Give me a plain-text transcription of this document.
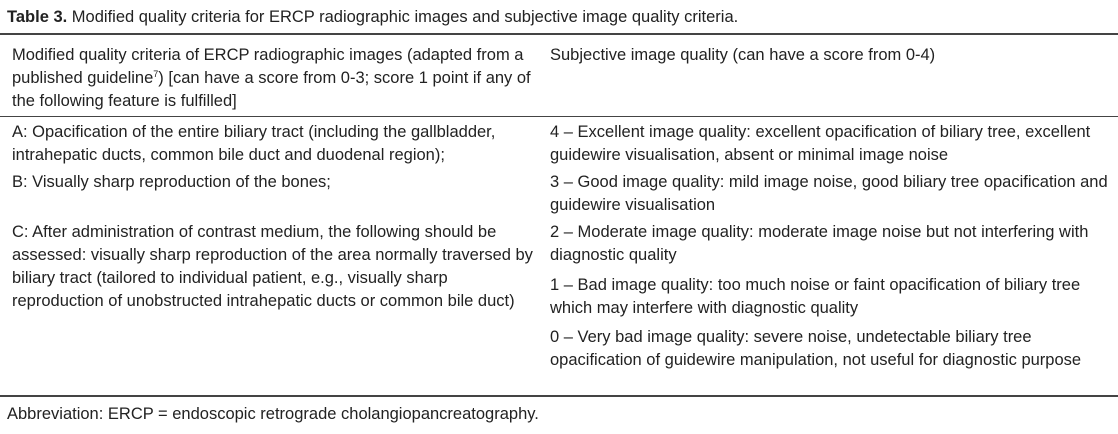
Table 3. Modified quality criteria for ERCP radiographic images and subjective image quality criteria.
Modified quality criteria of ERCP radiographic images (adapted from a published guideline$^7$) [can have a score from 0-3; score 1 point if any of the following feature is fulfilled]
Subjective image quality (can have a score from 0-4)
A: Opacification of the entire biliary tract (including the gallbladder, intrahepatic ducts, common bile duct and duodenal region);
B: Visually sharp reproduction of the bones;
C: After administration of contrast medium, the following should be assessed: visually sharp reproduction of the area normally traversed by biliary tract (tailored to individual patient, e.g., visually sharp reproduction of unobstructed intrahepatic ducts or common bile duct)
4 – Excellent image quality: excellent opacification of biliary tree, excellent guidewire visualisation, absent or minimal image noise
3 – Good image quality: mild image noise, good biliary tree opacification and guidewire visualisation
2 – Moderate image quality: moderate image noise but not interfering with diagnostic quality
1 – Bad image quality: too much noise or faint opacification of biliary tree which may interfere with diagnostic quality
0 – Very bad image quality: severe noise, undetectable biliary tree opacification of guidewire manipulation, not useful for diagnostic purpose
Abbreviation: ERCP = endoscopic retrograde cholangiopancreatography.
